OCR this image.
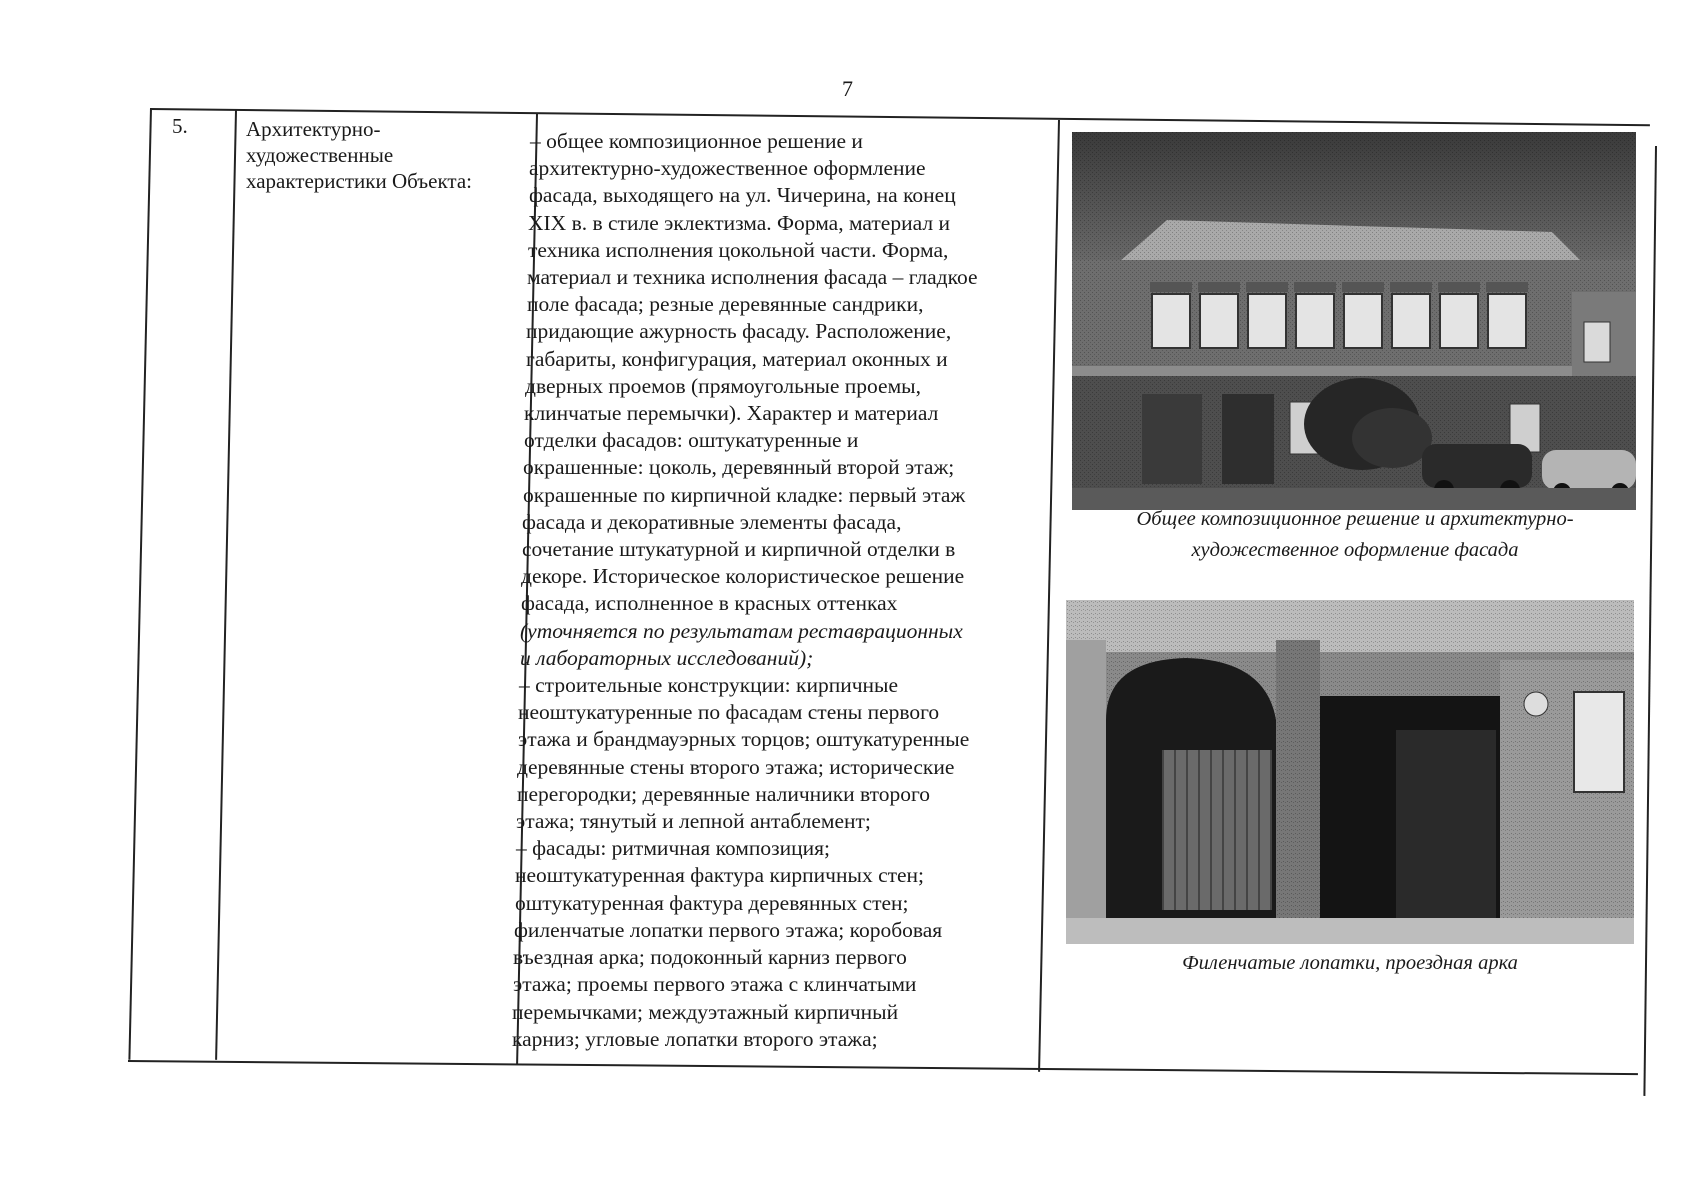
7
5.	Архитектурно-
художественные
характеристики Объекта:
– общее композиционное решение и
архитектурно-художественное оформление
фасада, выходящего на ул. Чичерина, на конец
XIX в. в стиле эклектизма. Форма, материал и
техника исполнения цокольной части. Форма,
материал и техника исполнения фасада – гладкое
поле фасада; резные деревянные сандрики,
придающие ажурность фасаду. Расположение,
габариты, конфигурация, материал оконных и
дверных проемов (прямоугольные проемы,
клинчатые перемычки). Характер и материал
отделки фасадов: оштукатуренные и
окрашенные: цоколь, деревянный второй этаж;
окрашенные по кирпичной кладке: первый этаж
фасада и декоративные элементы фасада,
сочетание штукатурной и кирпичной отделки в
декоре. Историческое колористическое решение
фасада, исполненное в красных оттенках
(уточняется по результатам реставрационных
и лабораторных исследований);
– строительные конструкции: кирпичные
неоштукатуренные по фасадам стены первого
этажа и брандмауэрных торцов; оштукатуренные
деревянные стены второго этажа; исторические
перегородки; деревянные наличники второго
этажа; тянутый и лепной антаблемент;
– фасады: ритмичная композиция;
неоштукатуренная фактура кирпичных стен;
оштукатуренная фактура деревянных стен;
филенчатые лопатки первого этажа; коробовая
въездная арка; подоконный карниз первого
этажа; проемы первого этажа с клинчатыми
перемычками; междуэтажный кирпичный
карниз; угловые лопатки второго этажа;
Общее композиционное решение и архитектурно-
художественное оформление фасада
Филенчатые лопатки, проездная арка
